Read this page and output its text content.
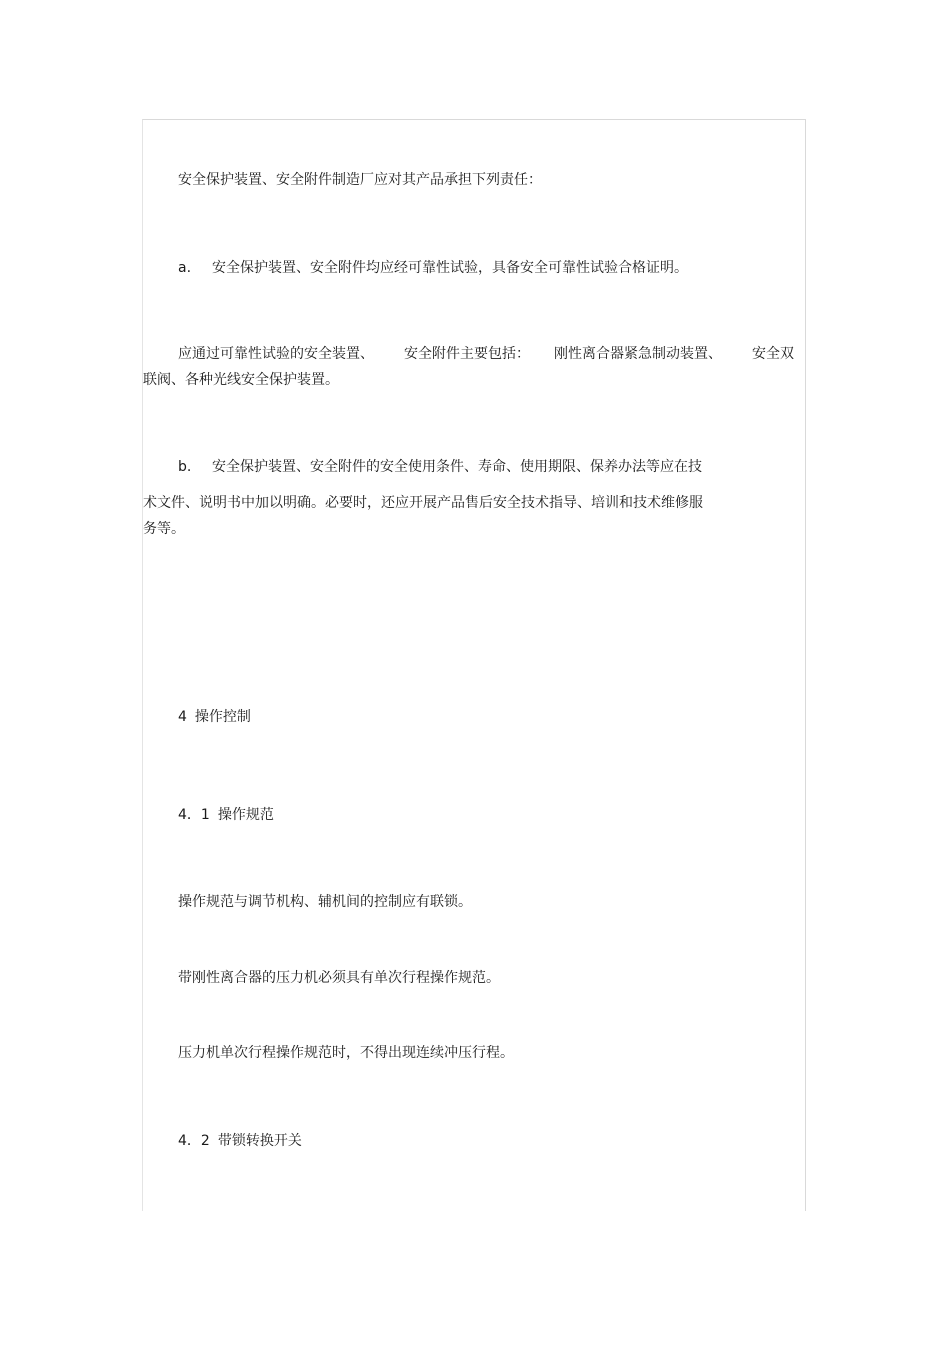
安全保护装置、安全附件制造厂应对其产品承担下列责任：

a. 安全保护装置、安全附件均应经可靠性试验，具备安全可靠性试验合格证明。

应通过可靠性试验的安全装置、 安全附件主要包括： 刚性离合器紧急制动装置、 安全双

联阀、各种光线安全保护装置。

b. 安全保护装置、安全附件的安全使用条件、寿命、使用期限、保养办法等应在技

术文件、说明书中加以明确。必要时，还应开展产品售后安全技术指导、培训和技术维修服

务等。

4 操作控制

4．1 操作规范

操作规范与调节机构、辅机间的控制应有联锁。

带刚性离合器的压力机必须具有单次行程操作规范。

压力机单次行程操作规范时，不得出现连续冲压行程。

4．2 带锁转换开关
